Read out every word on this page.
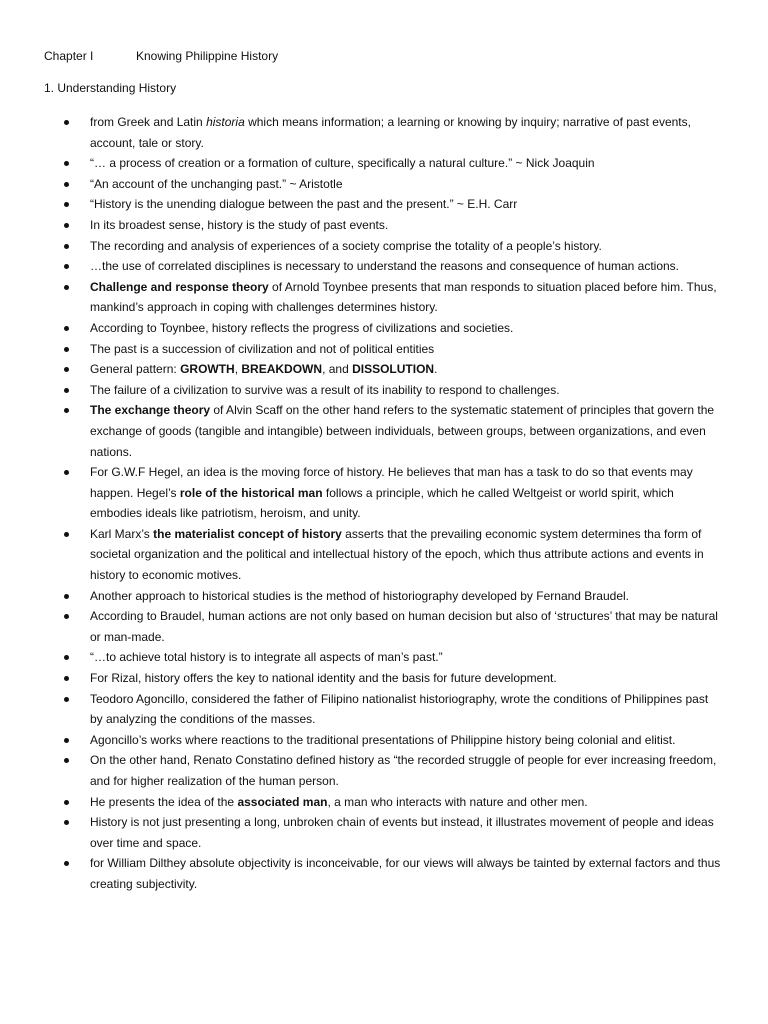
Chapter I	Knowing Philippine History
1. Understanding History
from Greek and Latin historia which means information; a learning or knowing by inquiry; narrative of past events, account, tale or story.
“… a process of creation or a formation of culture, specifically a natural culture.” ~ Nick Joaquin
“An account of the unchanging past.” ~ Aristotle
“History is the unending dialogue between the past and the present.” ~ E.H. Carr
In its broadest sense, history is the study of past events.
The recording and analysis of experiences of a society comprise the totality of a people’s history.
…the use of correlated disciplines is necessary to understand the reasons and consequence of human actions.
Challenge and response theory of Arnold Toynbee presents that man responds to situation placed before him. Thus, mankind’s approach in coping with challenges determines history.
According to Toynbee, history reflects the progress of civilizations and societies.
The past is a succession of civilization and not of political entities
General pattern: GROWTH, BREAKDOWN, and DISSOLUTION.
The failure of a civilization to survive was a result of its inability to respond to challenges.
The exchange theory of Alvin Scaff on the other hand refers to the systematic statement of principles that govern the exchange of goods (tangible and intangible) between individuals, between groups, between organizations, and even nations.
For G.W.F Hegel, an idea is the moving force of history. He believes that man has a task to do so that events may happen. Hegel’s role of the historical man follows a principle, which he called Weltgeist or world spirit, which embodies ideals like patriotism, heroism, and unity.
Karl Marx’s the materialist concept of history asserts that the prevailing economic system determines tha form of societal organization and the political and intellectual history of the epoch, which thus attribute actions and events in history to economic motives.
Another approach to historical studies is the method of historiography developed by Fernand Braudel.
According to Braudel, human actions are not only based on human decision but also of ‘structures’ that may be natural or man-made.
“…to achieve total history is to integrate all aspects of man’s past.”
For Rizal, history offers the key to national identity and the basis for future development.
Teodoro Agoncillo, considered the father of Filipino nationalist historiography, wrote the conditions of Philippines past by analyzing the conditions of the masses.
Agoncillo’s works where reactions to the traditional presentations of Philippine history being colonial and elitist.
On the other hand, Renato Constatino defined history as “the recorded struggle of people for ever increasing freedom, and for higher realization of the human person.
He presents the idea of the associated man, a man who interacts with nature and other men.
History is not just presenting a long, unbroken chain of events but instead, it illustrates movement of people and ideas over time and space.
for William Dilthey absolute objectivity is inconceivable, for our views will always be tainted by external factors and thus creating subjectivity.
